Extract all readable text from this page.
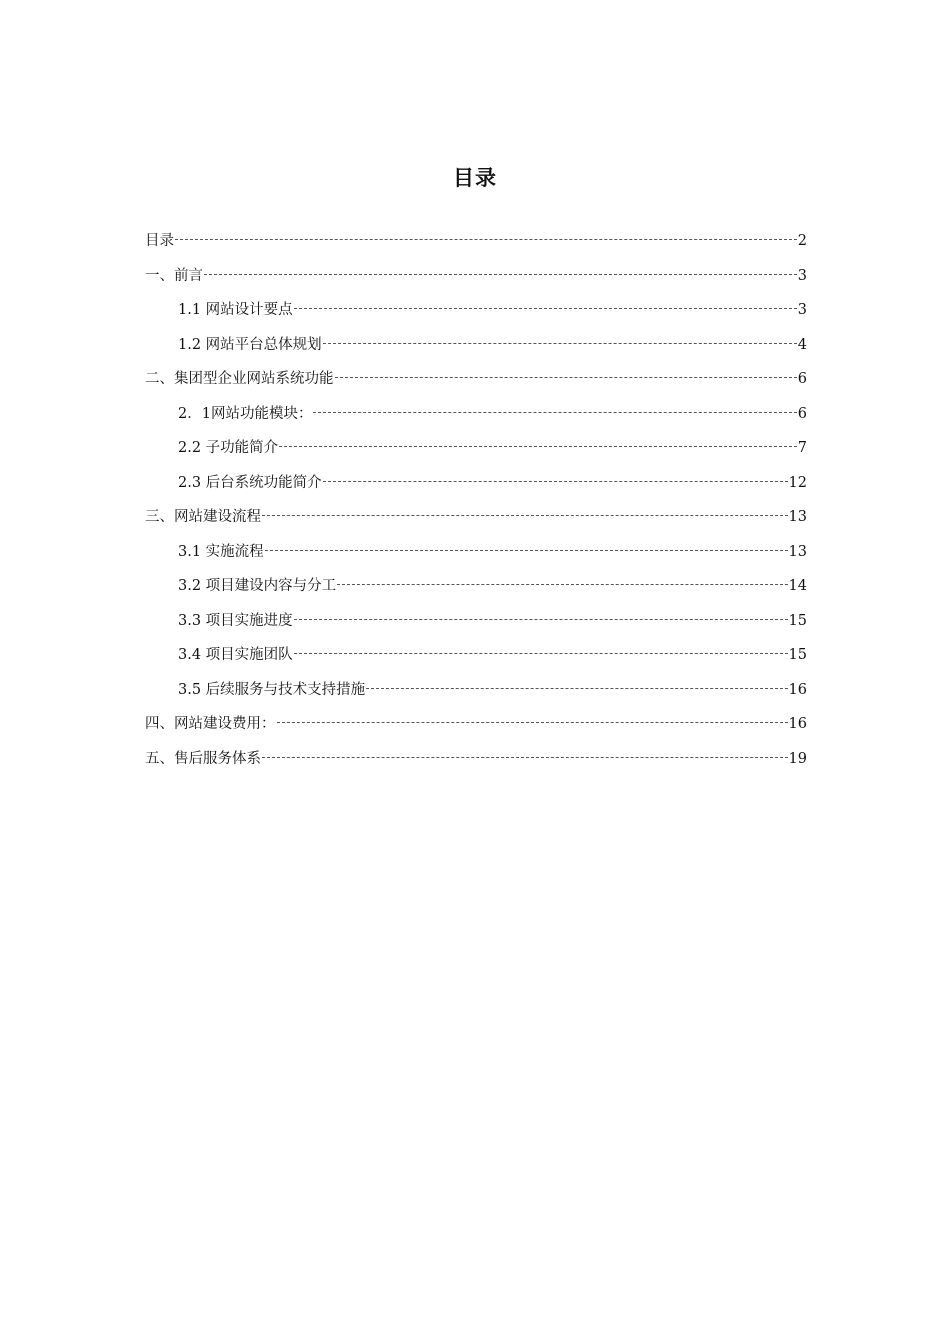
目录
目录	2
一、前言	3
1.1 网站设计要点	3
1.2 网站平台总体规划	4
二、集团型企业网站系统功能	6
2．1网站功能模块：	6
2.2 子功能简介	7
2.3 后台系统功能简介	12
三、网站建设流程	13
3.1 实施流程	13
3.2 项目建设内容与分工	14
3.3 项目实施进度	15
3.4 项目实施团队	15
3.5 后续服务与技术支持措施	16
四、网站建设费用：	16
五、售后服务体系	19
